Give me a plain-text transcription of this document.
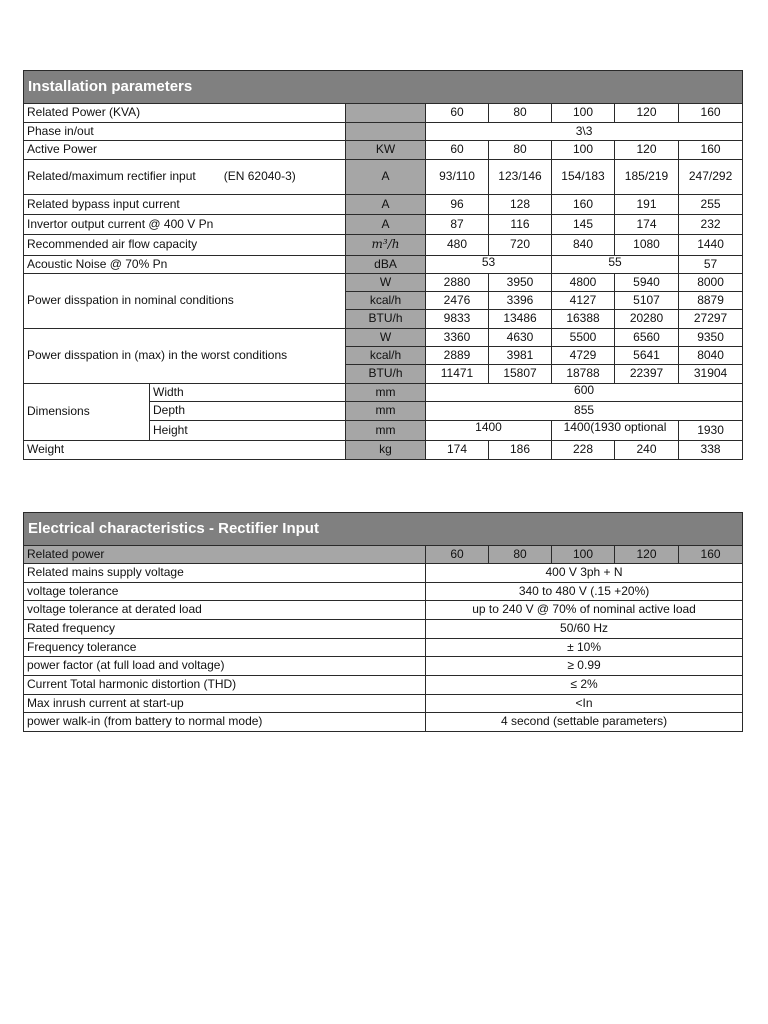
Installation parameters							
Related Power (KVA)			60	80	100	120	160
Phase in/out			3\3				
Active Power		KW	60	80	100	120	160
Related/maximum rectifier input (EN 62040-3)		A	93/110	123/146	154/183	185/219	247/292
Related bypass input current		A	96	128	160	191	255
Invertor output current @ 400 V Pn		A	87	116	145	174	232
Recommended air flow capacity		m³/h	480	720	840	1080	1440
Acoustic Noise @ 70% Pn		dBA	53		55		57
Power disspation in nominal conditions		W	2880	3950	4800	5940	8000
		kcal/h	2476	3396	4127	5107	8879
		BTU/h	9833	13486	16388	20280	27297
Power disspation in (max) in the worst conditions		W	3360	4630	5500	6560	9350
		kcal/h	2889	3981	4729	5641	8040
		BTU/h	11471	15807	18788	22397	31904
Dimensions	Width	mm	600				
	Depth	mm	855				
	Height	mm	1400		1400(1930 optional		1930
Weight		kg	174	186	228	240	338
Electrical characteristics - Rectifier Input					
Related power	60	80	100	120	160
Related mains supply voltage	400 V 3ph + N				
voltage tolerance	340 to 480 V (.15 +20%)				
voltage tolerance at derated load	up to 240 V @ 70% of nominal active load				
Rated frequency	50/60 Hz				
Frequency tolerance	± 10%				
power factor (at full load and voltage)	≥ 0.99				
Current Total harmonic distortion (THD)	≤ 2%				
Max inrush current at start-up	<In				
power walk-in (from battery to normal mode)	4 second (settable parameters)				
